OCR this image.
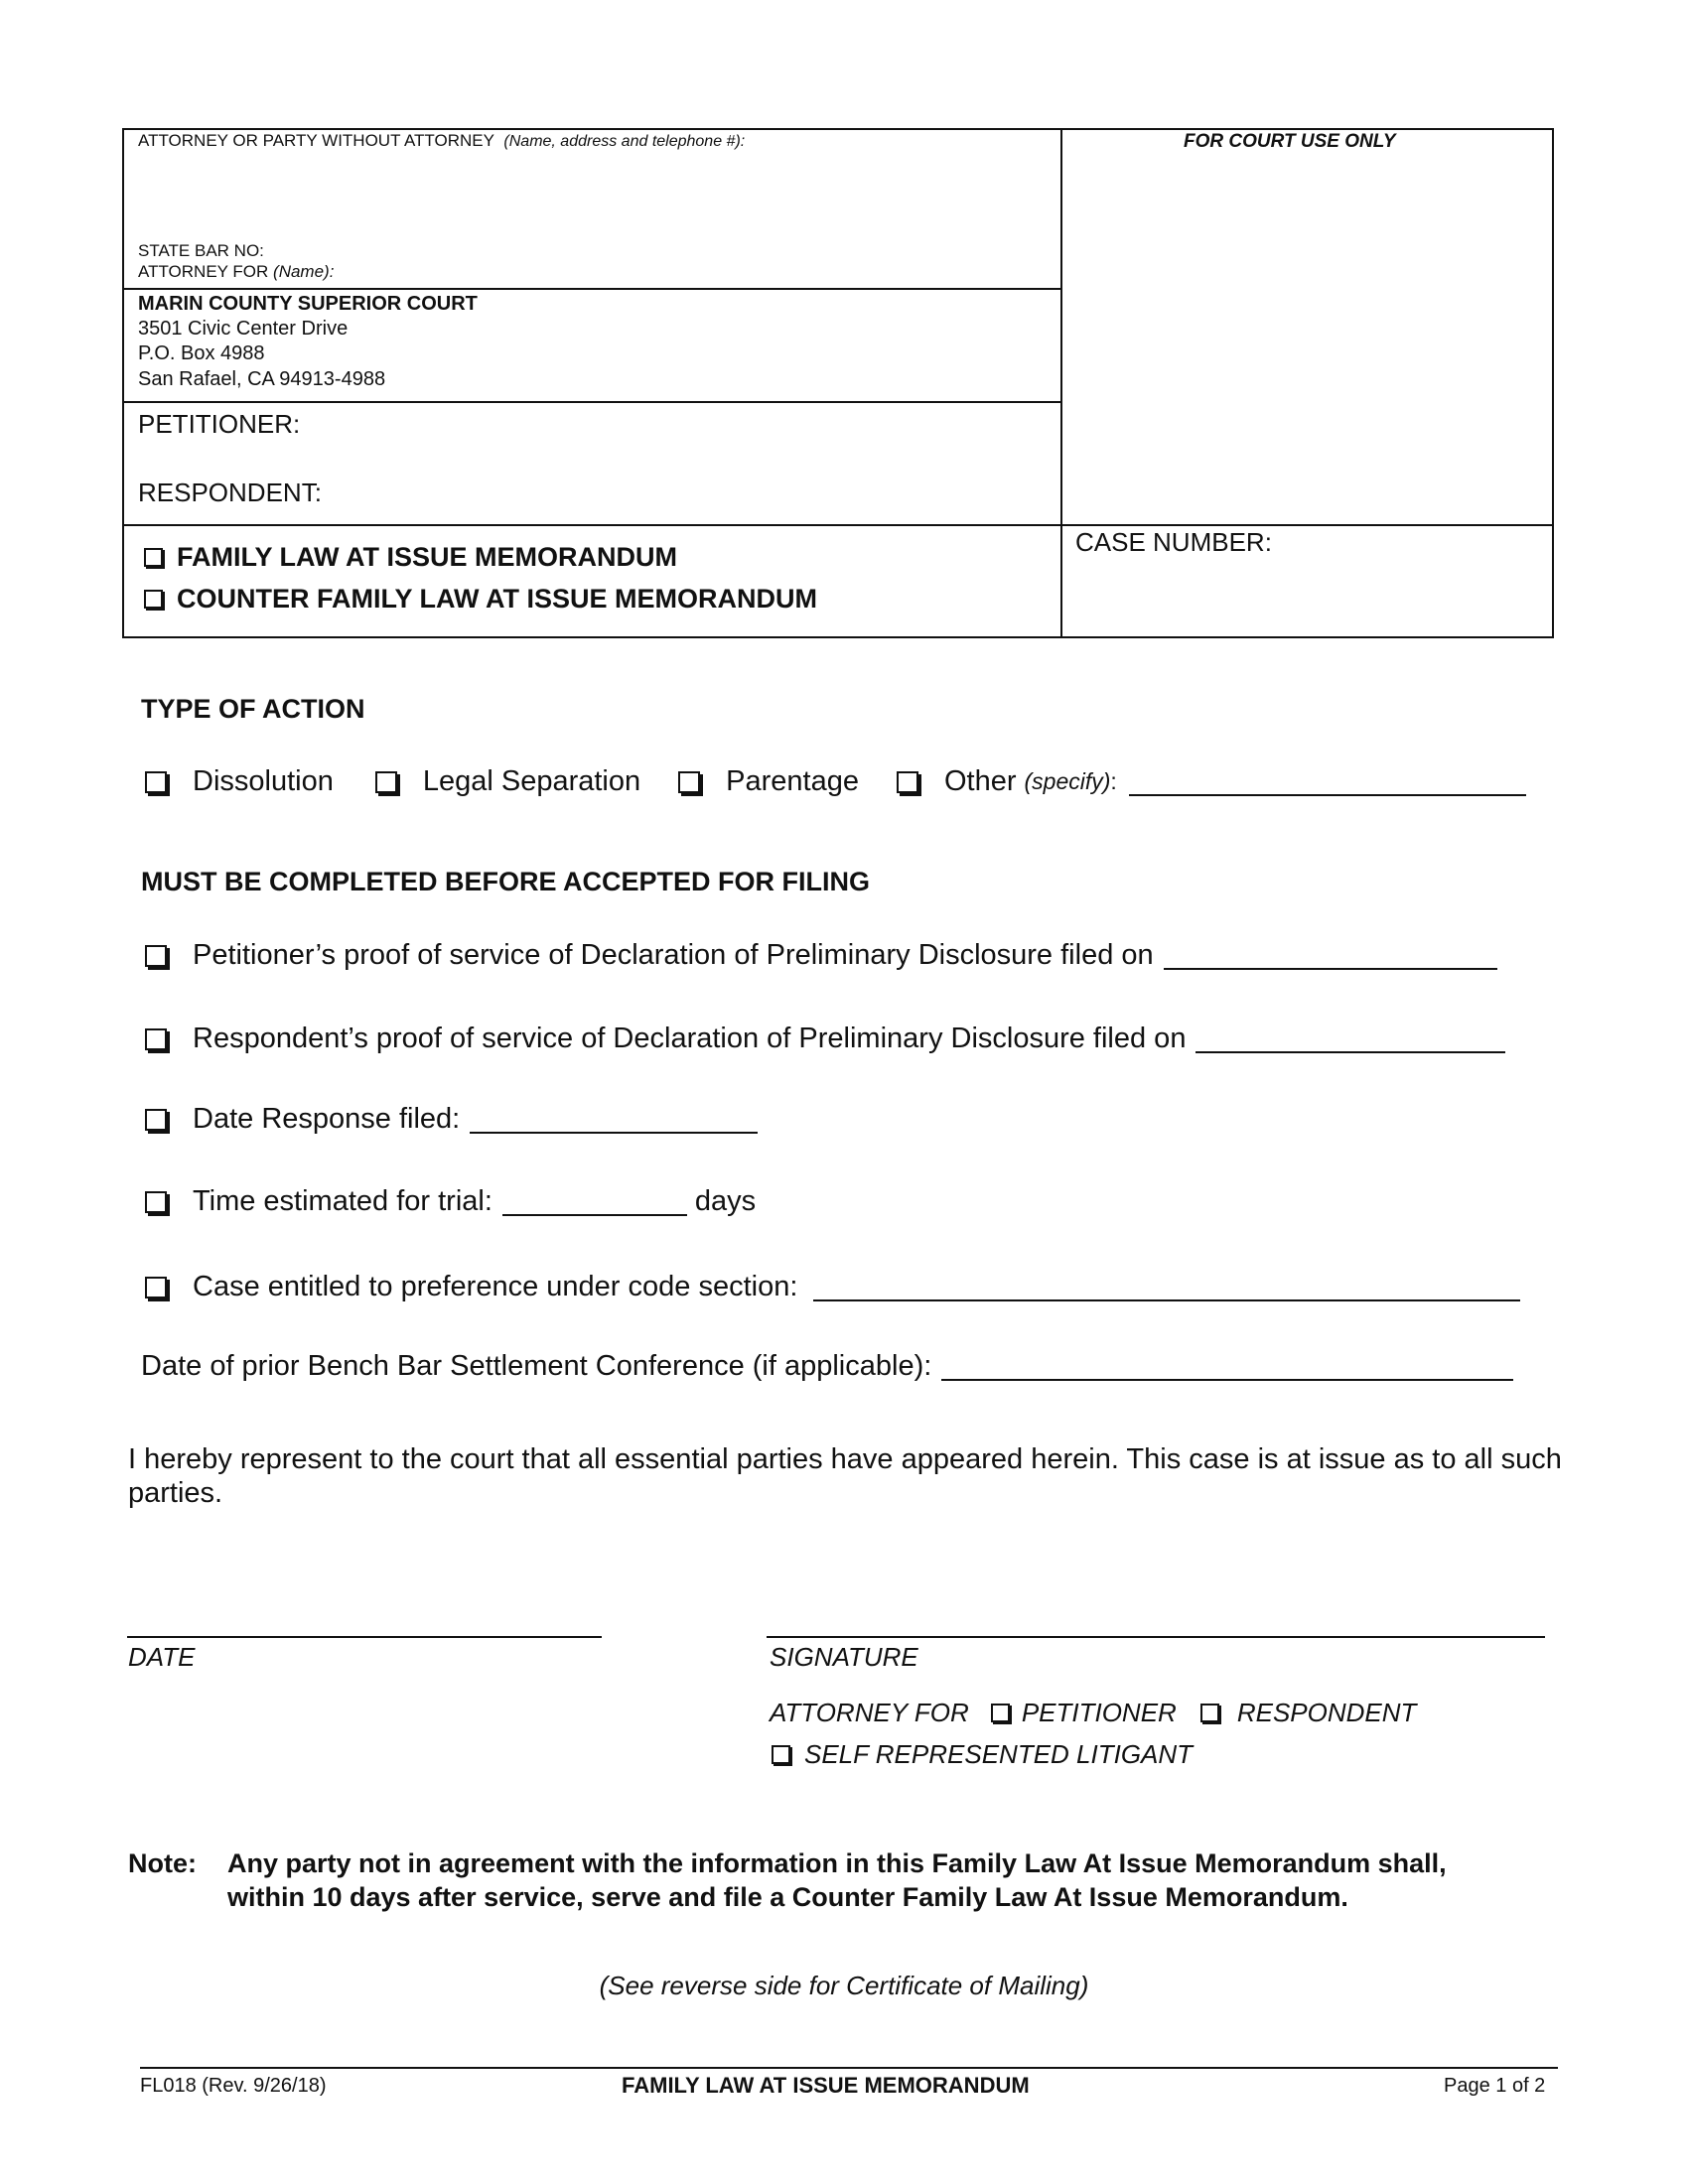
ATTORNEY OR PARTY WITHOUT ATTORNEY (Name, address and telephone #):
STATE BAR NO:
ATTORNEY FOR (Name):
FOR COURT USE ONLY
MARIN COUNTY SUPERIOR COURT
3501 Civic Center Drive
P.O. Box 4988
San Rafael, CA 94913-4988
PETITIONER:
RESPONDENT:
CASE NUMBER:
FAMILY LAW AT ISSUE MEMORANDUM
COUNTER FAMILY LAW AT ISSUE MEMORANDUM
TYPE OF ACTION
Dissolution	Legal Separation	Parentage	Other (specify) :
MUST BE COMPLETED BEFORE ACCEPTED FOR FILING
Petitioner’s proof of service of Declaration of Preliminary Disclosure filed on
Respondent’s proof of service of Declaration of Preliminary Disclosure filed on
Date Response filed:
Time estimated for trial:	days
Case entitled to preference under code section:
Date of prior Bench Bar Settlement Conference (if applicable):
I hereby represent to the court that all essential parties have appeared herein. This case is at issue as to all such parties.
DATE	SIGNATURE
ATTORNEY FOR PETITIONER RESPONDENT
SELF REPRESENTED LITIGANT
Note: Any party not in agreement with the information in this Family Law At Issue Memorandum shall,
within 10 days after service, serve and file a Counter Family Law At Issue Memorandum.
(See reverse side for Certificate of Mailing)
FL018 (Rev. 9/26/18)	FAMILY LAW AT ISSUE MEMORANDUM	Page 1 of 2
